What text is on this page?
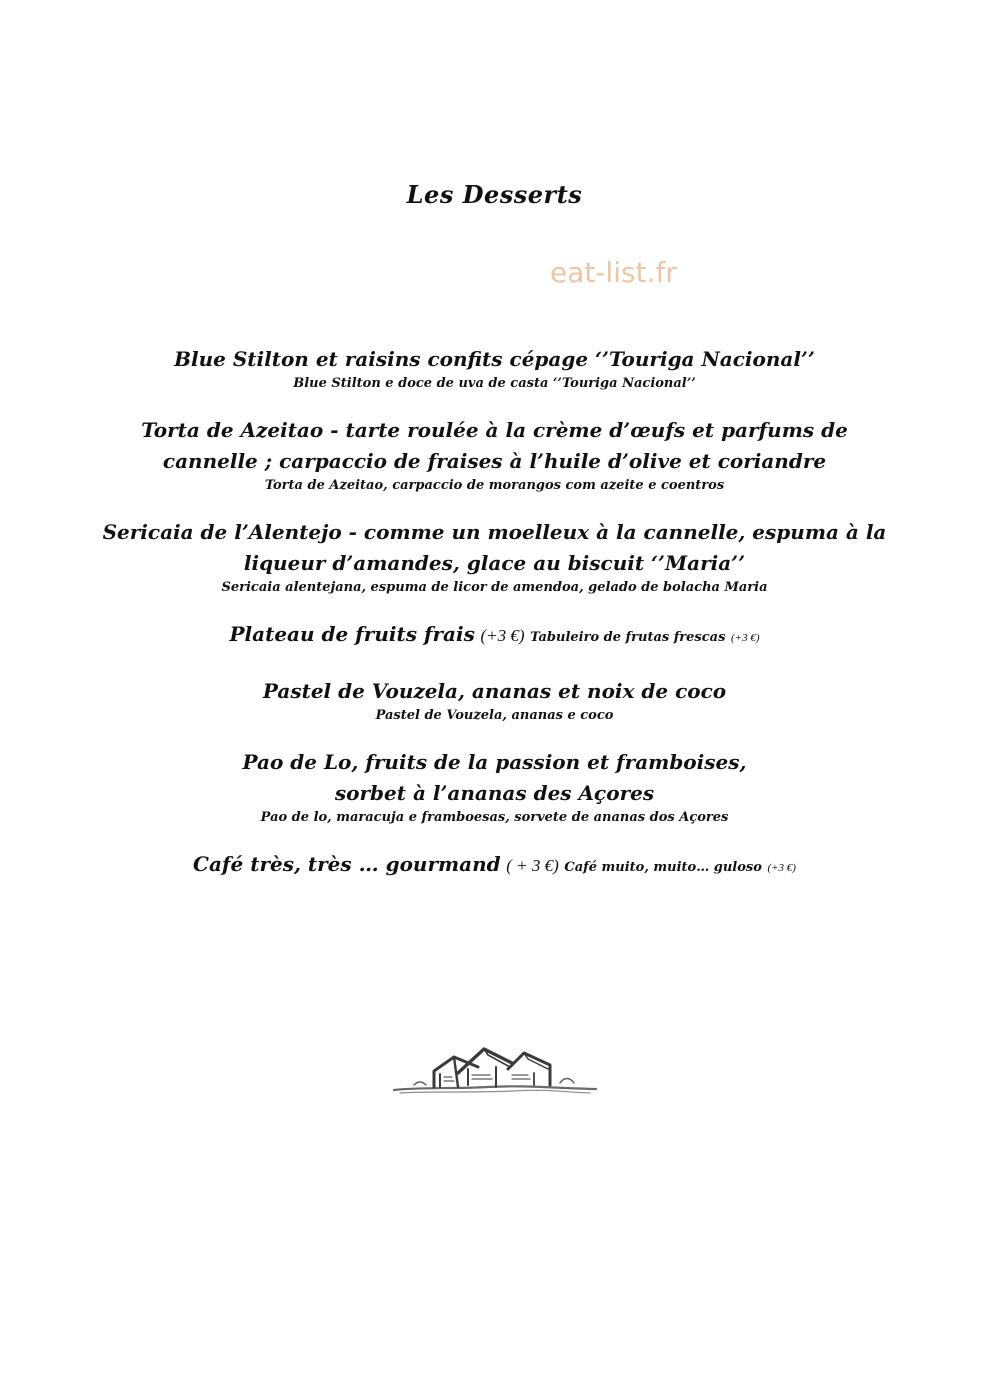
Les Desserts
eat-list.fr
Blue Stilton et raisins confits cépage ‘’Touriga Nacional’’
Blue Stilton e doce de uva de casta ‘’Touriga Nacional’’
Torta de Azeitao - tarte roulée à la crème d’œufs et parfums de
cannelle ; carpaccio de fraises à l’huile d’olive et coriandre
Torta de Azeitao, carpaccio de morangos com azeite e coentros
Sericaia de l’Alentejo - comme un moelleux à la cannelle, espuma à la
liqueur d’amandes, glace au biscuit ‘’Maria’’
Sericaia alentejana, espuma de licor de amendoa, gelado de bolacha Maria
Plateau de fruits frais (+3 €) Tabuleiro de frutas frescas (+3 €)
Pastel de Vouzela, ananas et noix de coco
Pastel de Vouzela, ananas e coco
Pao de Lo, fruits de la passion et framboises,
sorbet à l’ananas des Açores
Pao de lo, maracuja e framboesas, sorvete de ananas dos Açores
Café très, très … gourmand ( + 3 €) Café muito, muito… guloso (+3 €)
